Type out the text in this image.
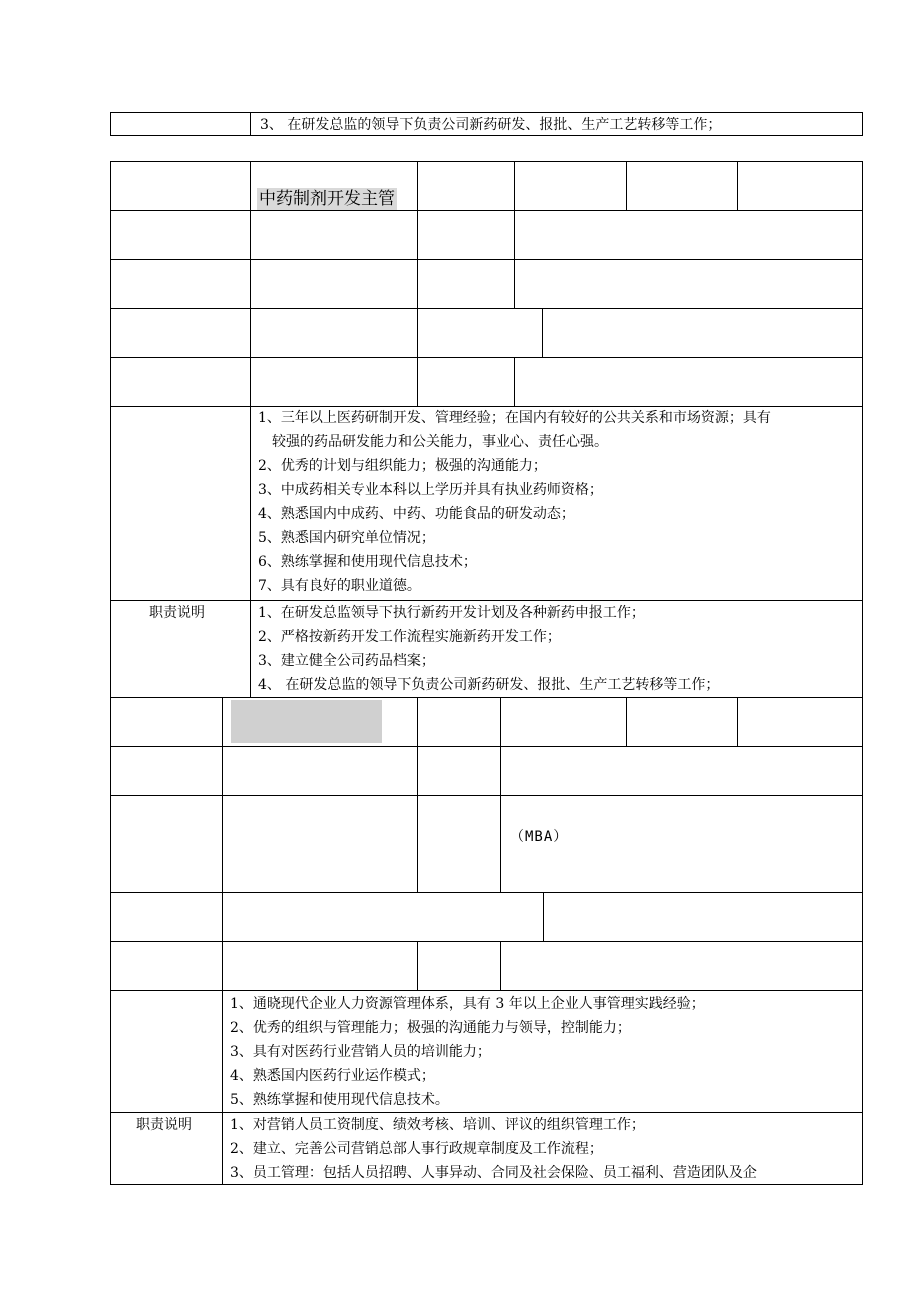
3、 在研发总监的领导下负责公司新药研发、报批、生产工艺转移等工作；
中药制剂开发主管
1、三年以上医药研制开发、管理经验；在国内有较好的公共关系和市场资源；具有
较强的药品研发能力和公关能力，事业心、责任心强。
2、优秀的计划与组织能力；极强的沟通能力；
3、中成药相关专业本科以上学历并具有执业药师资格；
4、熟悉国内中成药、中药、功能食品的研发动态；
5、熟悉国内研究单位情况；
6、熟练掌握和使用现代信息技术；
7、具有良好的职业道德。
职责说明	1、在研发总监领导下执行新药开发计划及各种新药申报工作；
2、严格按新药开发工作流程实施新药开发工作；
3、建立健全公司药品档案；
4、 在研发总监的领导下负责公司新药研发、报批、生产工艺转移等工作；
（MBA）
1、通晓现代企业人力资源管理体系，具有 3 年以上企业人事管理实践经验；
2、优秀的组织与管理能力；极强的沟通能力与领导，控制能力；
3、具有对医药行业营销人员的培训能力；
4、熟悉国内医药行业运作模式；
5、熟练掌握和使用现代信息技术。
职责说明	1、对营销人员工资制度、绩效考核、培训、评议的组织管理工作；
2、建立、完善公司营销总部人事行政规章制度及工作流程；
3、员工管理：包括人员招聘、人事异动、合同及社会保险、员工福利、营造团队及企
